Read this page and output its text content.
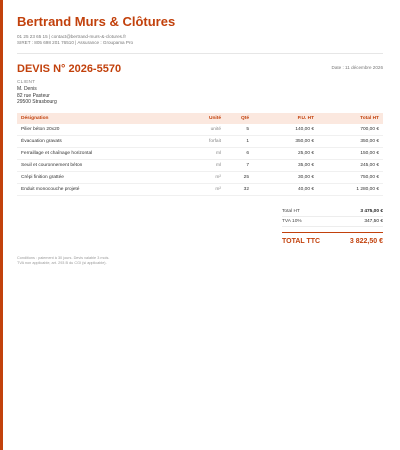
Bertrand Murs & Clôtures
01 25 23 65 15 | contact@bertrand-murs-&-clotures.fr
SIRET : 805 698 201 76510 | Assurance : Groupama Pro
DEVIS N° 2026-5570	Date : 11 décembre 2026
CLIENT
M. Denis
82 rue Pasteur
29500 Strasbourg
Désignation	Unité	Qté	P.U. HT	Total HT
Pilier béton 20x20	unité	5	140,00 €	700,00 €
Évacuation gravats	forfait	1	350,00 €	350,00 €
Ferraillage et chaînage horizontal	ml	6	25,00 €	150,00 €
Seuil et couronnement béton	ml	7	35,00 €	245,00 €
Crépi finition grattée	m²	25	30,00 €	750,00 €
Enduit monocouche projeté	m²	32	40,00 €	1 280,00 €
Total HT	3 475,00 €
TVA 10%	347,50 €
TOTAL TTC	3 822,50 €
Conditions : paiement à 30 jours. Devis valable 3 mois.
TVA non applicable, art. 293 B du CGI (si applicable).
